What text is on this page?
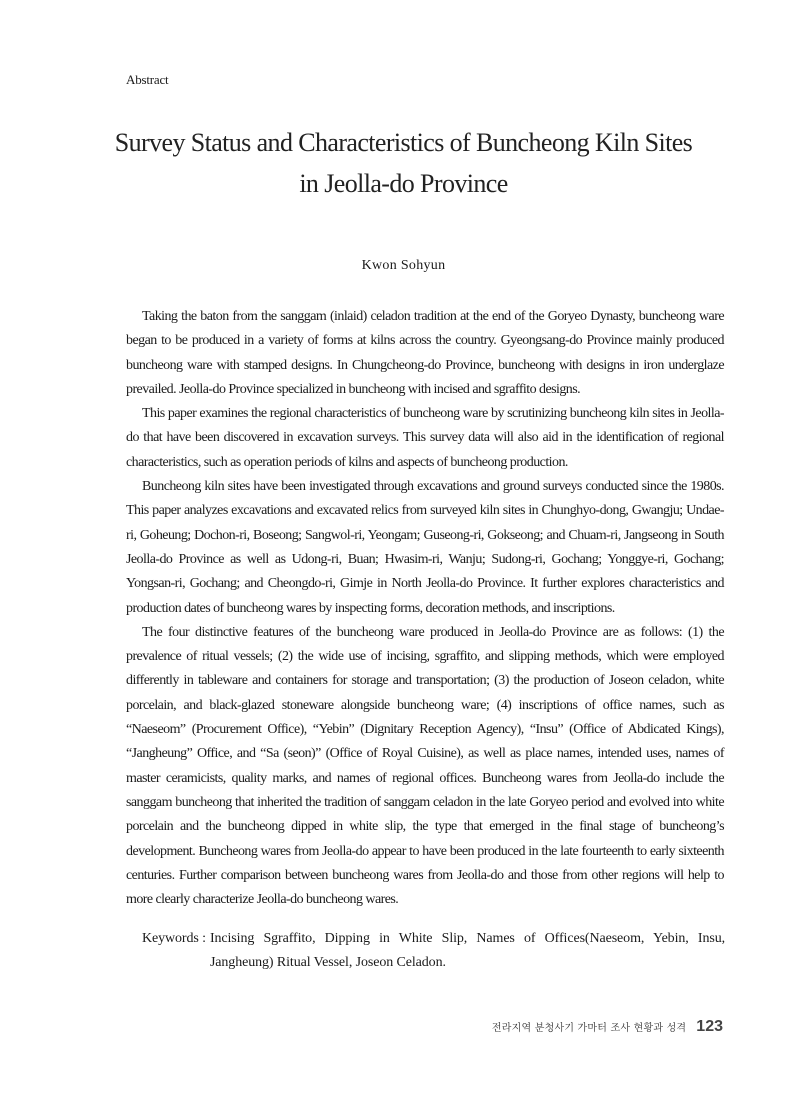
Abstract
Survey Status and Characteristics of Buncheong Kiln Sites
in Jeolla-do Province
Kwon Sohyun

Taking the baton from the sanggam (inlaid) celadon tradition at the end of the Goryeo Dynasty, buncheong ware began to be produced in a variety of forms at kilns across the country. Gyeongsang-do Province mainly produced buncheong ware with stamped designs. In Chungcheong-do Province, buncheong with designs in iron underglaze prevailed. Jeolla-do Province specialized in buncheong with incised and sgraffito designs.

This paper examines the regional characteristics of buncheong ware by scrutinizing buncheong kiln sites in Jeolla-do that have been discovered in excavation surveys. This survey data will also aid in the identification of regional characteristics, such as operation periods of kilns and aspects of buncheong production.

Buncheong kiln sites have been investigated through excavations and ground surveys conducted since the 1980s. This paper analyzes excavations and excavated relics from surveyed kiln sites in Chunghyo-dong, Gwangju; Undae-ri, Goheung; Dochon-ri, Boseong; Sangwol-ri, Yeongam; Guseong-ri, Gokseong; and Chuam-ri, Jangseong in South Jeolla-do Province as well as Udong-ri, Buan; Hwasim-ri, Wanju; Sudong-ri, Gochang; Yonggye-ri, Gochang; Yongsan-ri, Gochang; and Cheongdo-ri, Gimje in North Jeolla-do Province. It further explores characteristics and production dates of buncheong wares by inspecting forms, decoration methods, and inscriptions.

The four distinctive features of the buncheong ware produced in Jeolla-do Province are as follows: (1) the prevalence of ritual vessels; (2) the wide use of incising, sgraffito, and slipping methods, which were employed differently in tableware and containers for storage and transportation; (3) the production of Joseon celadon, white porcelain, and black-glazed stoneware alongside buncheong ware; (4) inscriptions of office names, such as “Naeseom” (Procurement Office), “Yebin” (Dignitary Reception Agency), “Insu” (Office of Abdicated Kings), “Jangheung” Office, and “Sa (seon)” (Office of Royal Cuisine), as well as place names, intended uses, names of master ceramicists, quality marks, and names of regional offices. Buncheong wares from Jeolla-do include the sanggam buncheong that inherited the tradition of sanggam celadon in the late Goryeo period and evolved into white porcelain and the buncheong dipped in white slip, the type that emerged in the final stage of buncheong’s development. Buncheong wares from Jeolla-do appear to have been produced in the late fourteenth to early sixteenth centuries. Further comparison between buncheong wares from Jeolla-do and those from other regions will help to more clearly characterize Jeolla-do buncheong wares.

Keywords : Incising Sgraffito, Dipping in White Slip, Names of Offices(Naeseom, Yebin, Insu, Jangheung) Ritual Vessel, Joseon Celadon.
전라지역 분청사기 가마터 조사 현황과 성격 123
